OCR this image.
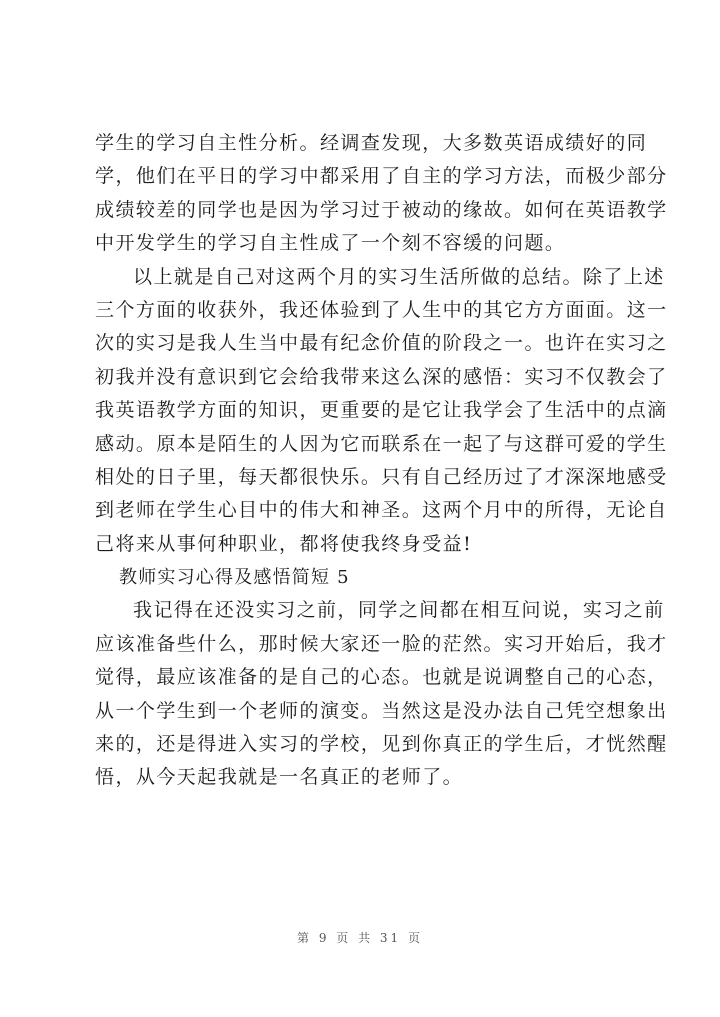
学生的学习自主性分析。经调查发现，大多数英语成绩好的同
学，他们在平日的学习中都采用了自主的学习方法，而极少部分
成绩较差的同学也是因为学习过于被动的缘故。如何在英语教学
中开发学生的学习自主性成了一个刻不容缓的问题。
以上就是自己对这两个月的实习生活所做的总结。除了上述
三个方面的收获外，我还体验到了人生中的其它方方面面。这一
次的实习是我人生当中最有纪念价值的阶段之一。也许在实习之
初我并没有意识到它会给我带来这么深的感悟：实习不仅教会了
我英语教学方面的知识，更重要的是它让我学会了生活中的点滴
感动。原本是陌生的人因为它而联系在一起了与这群可爱的学生
相处的日子里，每天都很快乐。只有自己经历过了才深深地感受
到老师在学生心目中的伟大和神圣。这两个月中的所得，无论自
己将来从事何种职业，都将使我终身受益!
教师实习心得及感悟简短 5
我记得在还没实习之前，同学之间都在相互问说，实习之前
应该准备些什么，那时候大家还一脸的茫然。实习开始后，我才
觉得，最应该准备的是自己的心态。也就是说调整自己的心态，
从一个学生到一个老师的演变。当然这是没办法自己凭空想象出
来的，还是得进入实习的学校，见到你真正的学生后，才恍然醒
悟，从今天起我就是一名真正的老师了。
第 9 页 共 31 页
